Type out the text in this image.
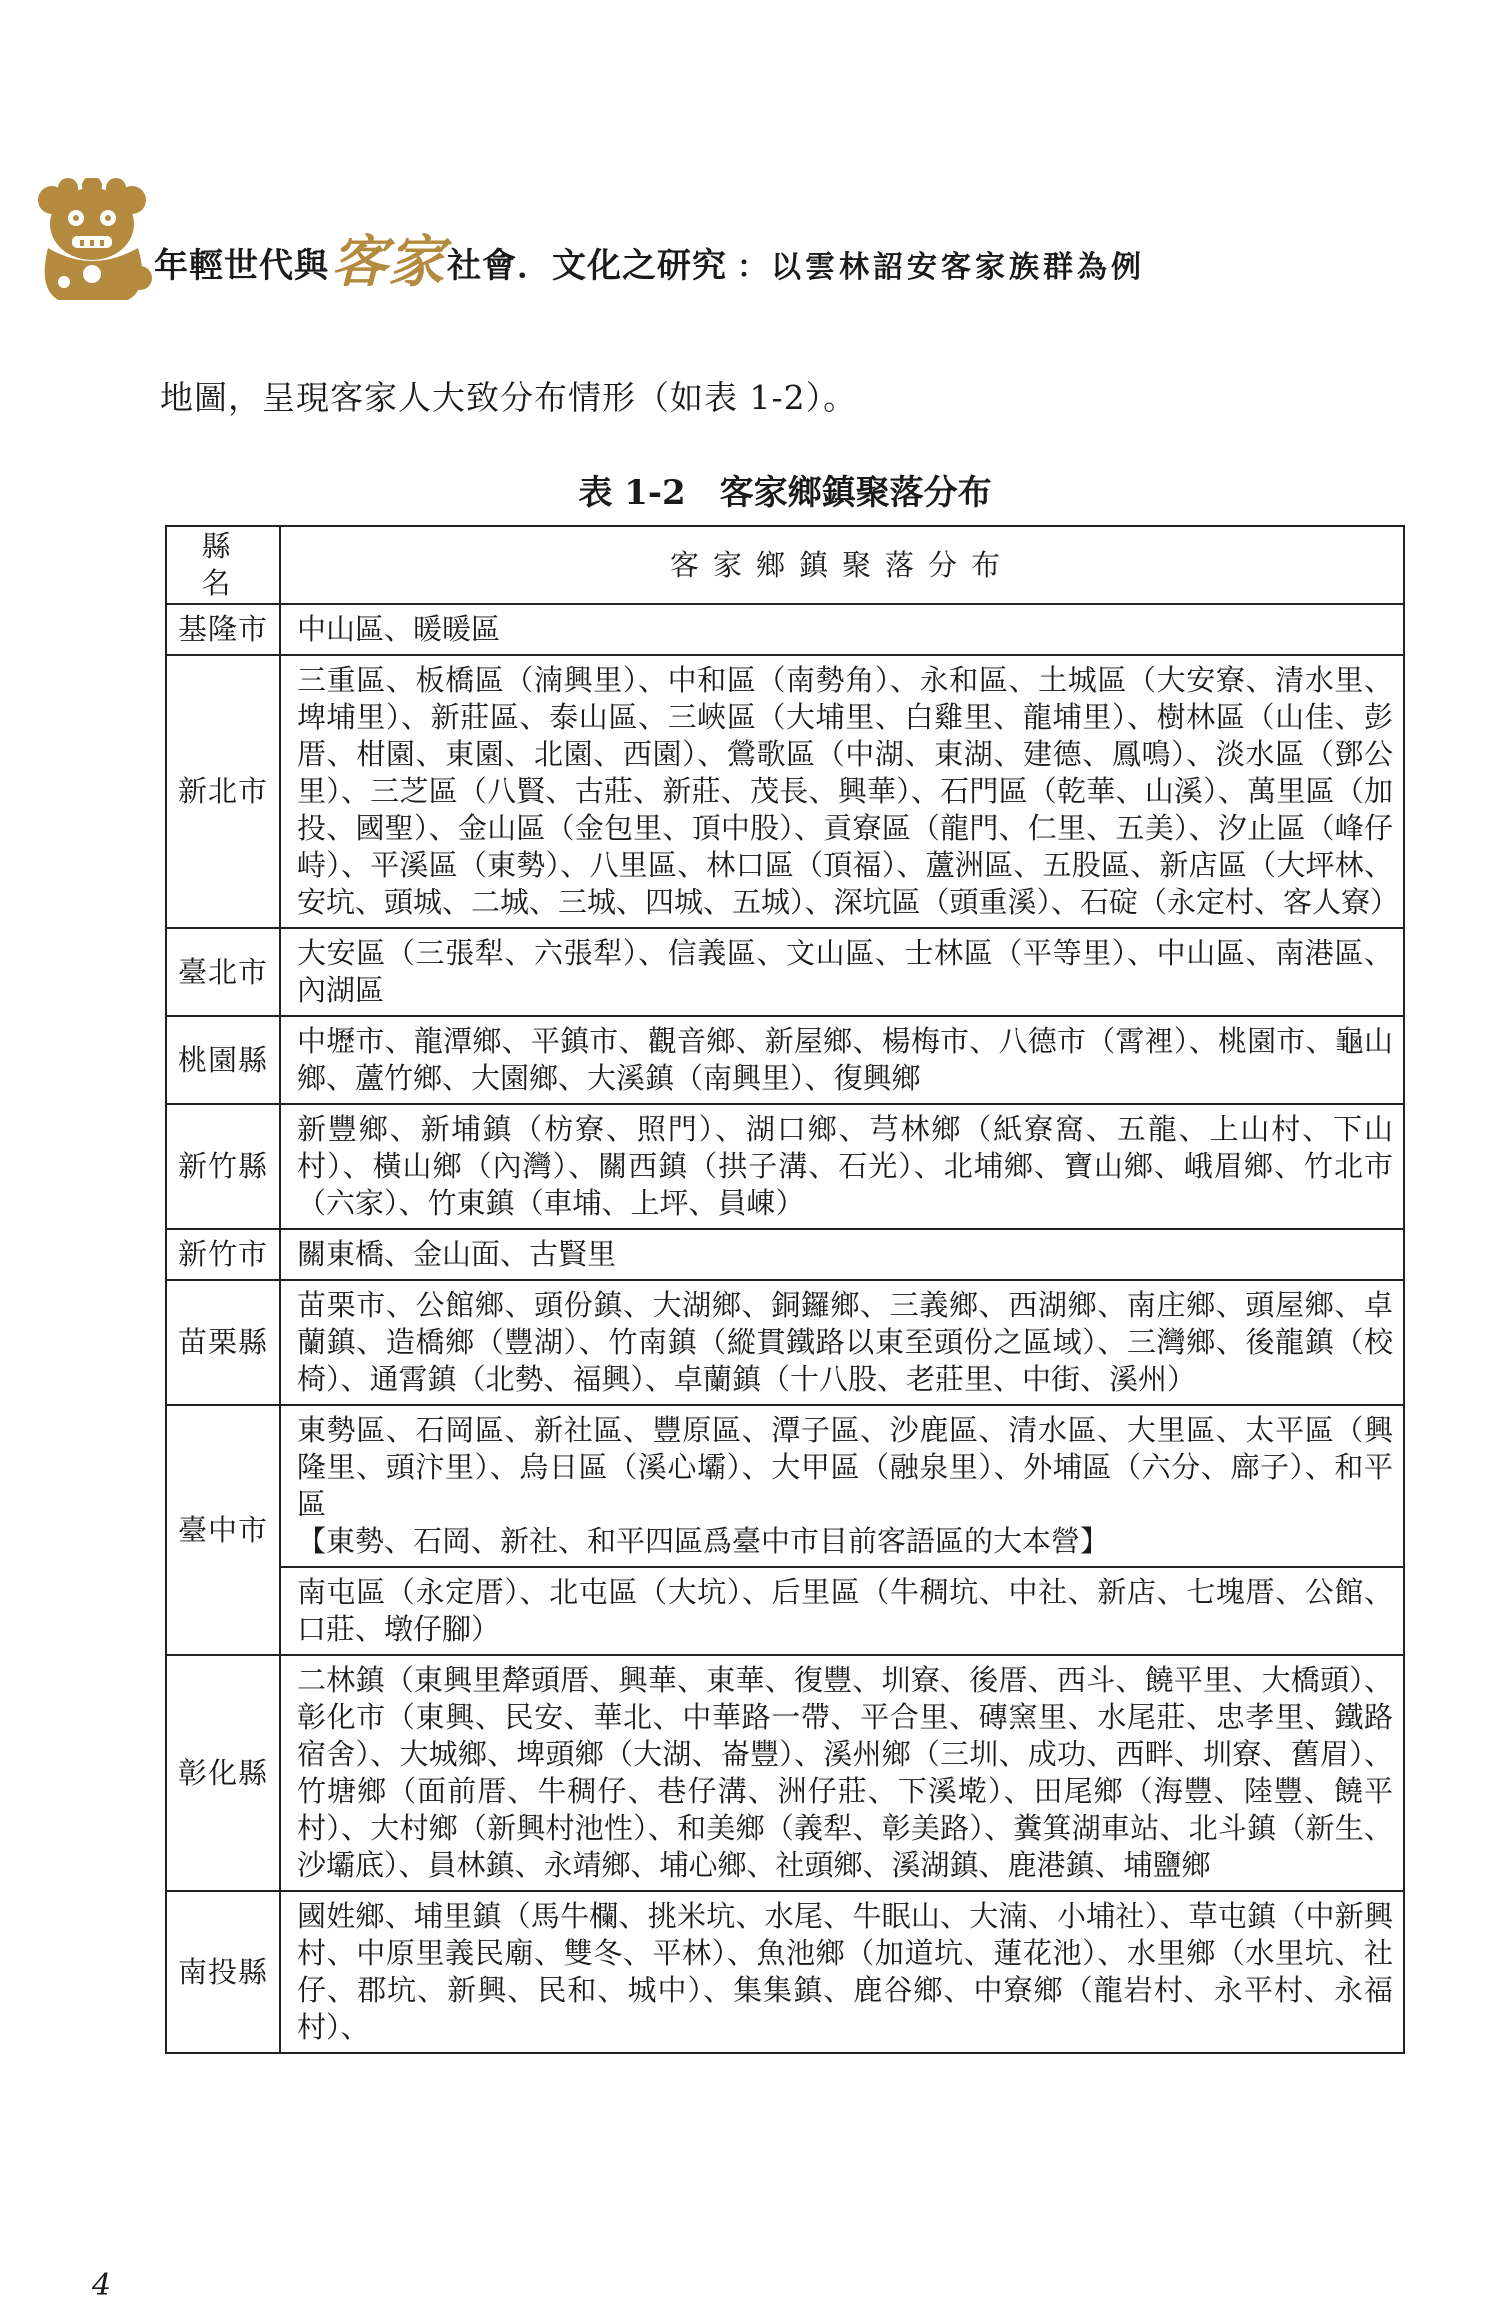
年輕世代與客家社會．文化之研究 ：以雲林詔安客家族群為例
地圖，呈現客家人大致分布情形（如表 1-2）。
表 1-2　客家鄉鎮聚落分布
縣　名	客家鄉鎮聚落分布
基隆市	中山區、暖暖區
新北市	三重區、板橋區（湳興里）、中和區（南勢角）、永和區、土城區（大安寮、清水里、埤埔里）、新莊區、泰山區、三峽區（大埔里、白雞里、龍埔里）、樹林區（山佳、彭厝、柑園、東園、北園、西園）、鶯歌區（中湖、東湖、建德、鳳鳴）、淡水區（鄧公里）、三芝區（八賢、古莊、新莊、茂長、興華）、石門區（乾華、山溪）、萬里區（加投、國聖）、金山區（金包里、頂中股）、貢寮區（龍門、仁里、五美）、汐止區（峰仔峙）、平溪區（東勢）、八里區、林口區（頂福）、蘆洲區、五股區、新店區（大坪林、安坑、頭城、二城、三城、四城、五城）、深坑區（頭重溪）、石碇（永定村、客人寮）
臺北市	大安區（三張犁、六張犁）、信義區、文山區、士林區（平等里）、中山區、南港區、內湖區
桃園縣	中壢市、龍潭鄉、平鎮市、觀音鄉、新屋鄉、楊梅市、八德市（霄裡）、桃園市、龜山鄉、蘆竹鄉、大園鄉、大溪鎮（南興里）、復興鄉
新竹縣	新豐鄉、新埔鎮（枋寮、照門）、湖口鄉、芎林鄉（紙寮窩、五龍、上山村、下山村）、橫山鄉（內灣）、關西鎮（拱子溝、石光）、北埔鄉、寶山鄉、峨眉鄉、竹北市（六家）、竹東鎮（車埔、上坪、員崠）
新竹市	關東橋、金山面、古賢里
苗栗縣	苗栗市、公館鄉、頭份鎮、大湖鄉、銅鑼鄉、三義鄉、西湖鄉、南庄鄉、頭屋鄉、卓蘭鎮、造橋鄉（豐湖）、竹南鎮（縱貫鐵路以東至頭份之區域）、三灣鄉、後龍鎮（校椅）、通霄鎮（北勢、福興）、卓蘭鎮（十八股、老莊里、中街、溪州）
臺中市	東勢區、石岡區、新社區、豐原區、潭子區、沙鹿區、清水區、大里區、太平區（興隆里、頭汴里）、烏日區（溪心壩）、大甲區（融泉里）、外埔區（六分、廍子）、和平區
【東勢、石岡、新社、和平四區爲臺中市目前客語區的大本營】
	南屯區（永定厝）、北屯區（大坑）、后里區（牛稠坑、中社、新店、七塊厝、公館、口莊、墩仔腳）
彰化縣	二林鎮（東興里犛頭厝、興華、東華、復豐、圳寮、後厝、西斗、饒平里、大橋頭）、彰化市（東興、民安、華北、中華路一帶、平合里、磚窯里、水尾莊、忠孝里、鐵路宿舍）、大城鄉、埤頭鄉（大湖、崙豐）、溪州鄉（三圳、成功、西畔、圳寮、舊眉）、竹塘鄉（面前厝、牛稠仔、巷仔溝、洲仔莊、下溪墘）、田尾鄉（海豐、陸豐、饒平村）、大村鄉（新興村池性）、和美鄉（義犁、彰美路）、糞箕湖車站、北斗鎮（新生、沙壩底）、員林鎮、永靖鄉、埔心鄉、社頭鄉、溪湖鎮、鹿港鎮、埔鹽鄉
南投縣	國姓鄉、埔里鎮（馬牛欄、挑米坑、水尾、牛眠山、大湳、小埔社）、草屯鎮（中新興村、中原里義民廟、雙冬、平林）、魚池鄉（加道坑、蓮花池）、水里鄉（水里坑、社仔、郡坑、新興、民和、城中）、集集鎮、鹿谷鄉、中寮鄉（龍岩村、永平村、永福村）、
4
